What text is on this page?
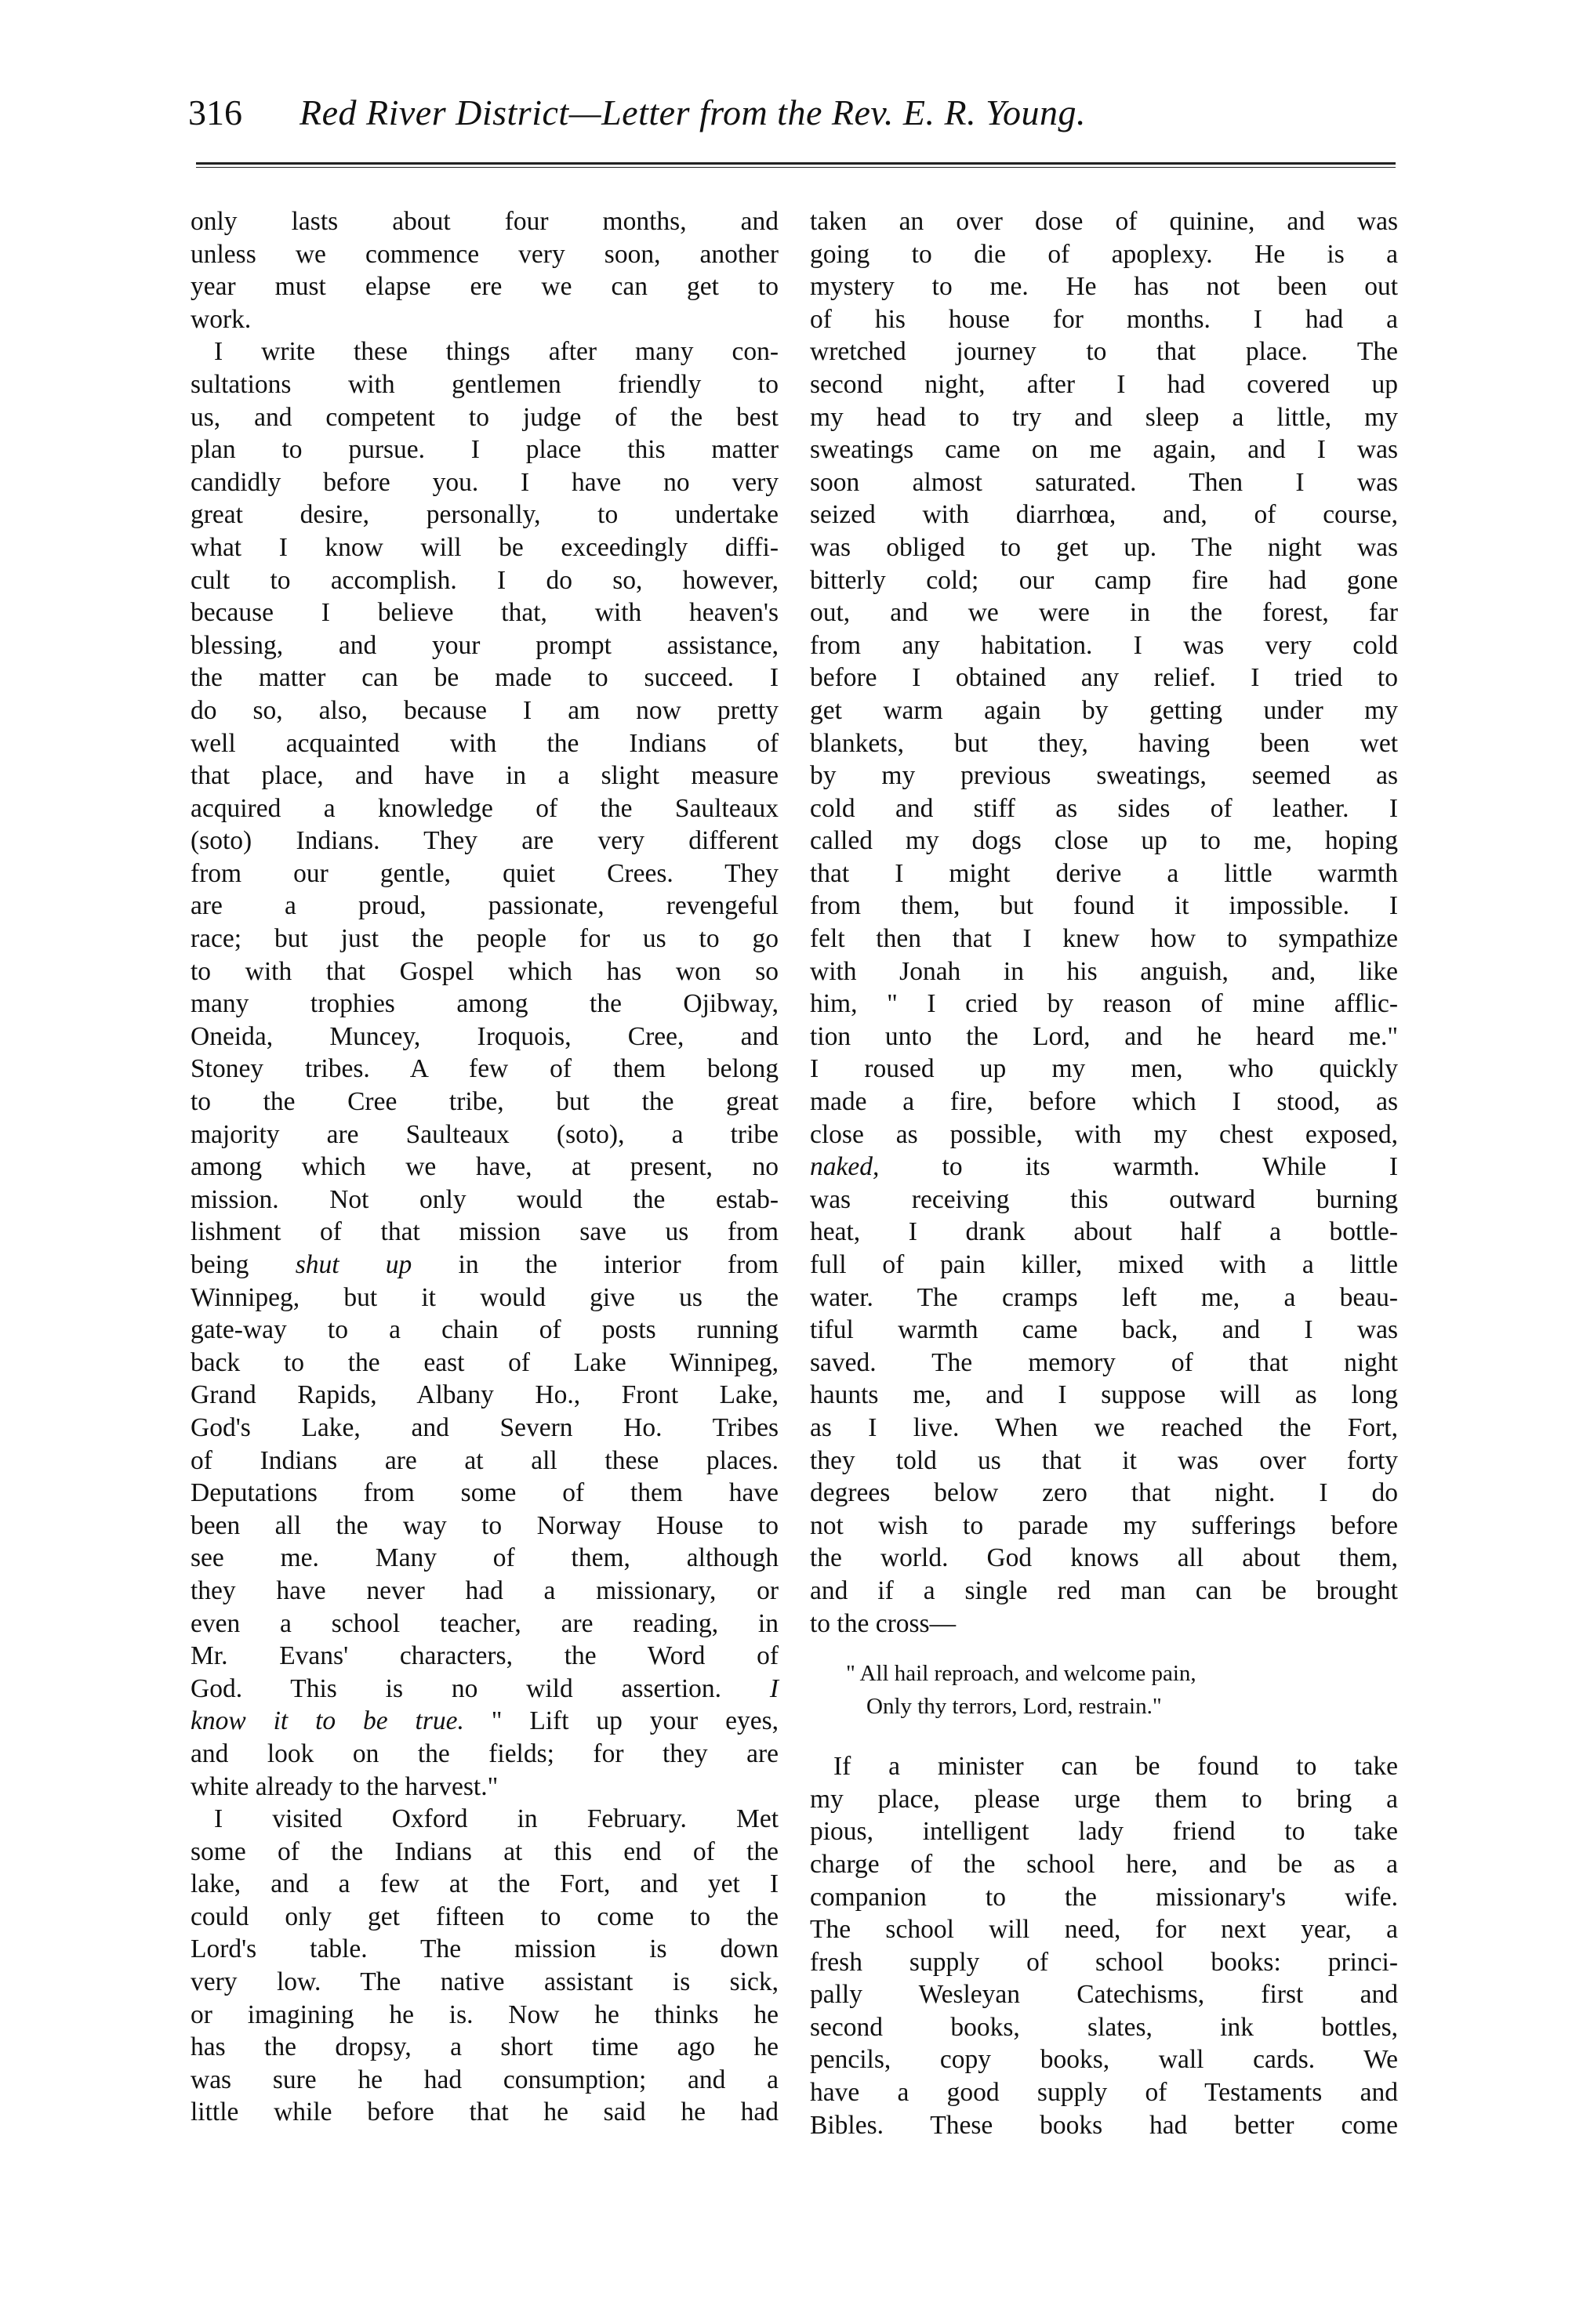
316 Red River District—Letter from the Rev. E. R. Young.
only lasts about four months, and
unless we commence very soon, another
year must elapse ere we can get to
work.
I write these things after many con-
sultations with gentlemen friendly to
us, and competent to judge of the best
plan to pursue. I place this matter
candidly before you. I have no very
great desire, personally, to undertake
what I know will be exceedingly diffi-
cult to accomplish. I do so, however,
because I believe that, with heaven's
blessing, and your prompt assistance,
the matter can be made to succeed. I
do so, also, because I am now pretty
well acquainted with the Indians of
that place, and have in a slight measure
acquired a knowledge of the Saulteaux
(soto) Indians. They are very different
from our gentle, quiet Crees. They
are a proud, passionate, revengeful
race; but just the people for us to go
to with that Gospel which has won so
many trophies among the Ojibway,
Oneida, Muncey, Iroquois, Cree, and
Stoney tribes. A few of them belong
to the Cree tribe, but the great
majority are Saulteaux (soto), a tribe
among which we have, at present, no
mission. Not only would the estab-
lishment of that mission save us from
being shut up in the interior from
Winnipeg, but it would give us the
gate-way to a chain of posts running
back to the east of Lake Winnipeg,
Grand Rapids, Albany Ho., Front Lake,
God's Lake, and Severn Ho. Tribes
of Indians are at all these places.
Deputations from some of them have
been all the way to Norway House to
see me. Many of them, although
they have never had a missionary, or
even a school teacher, are reading, in
Mr. Evans' characters, the Word of
God. This is no wild assertion. I
know it to be true. " Lift up your eyes,
and look on the fields; for they are
white already to the harvest."
I visited Oxford in February. Met
some of the Indians at this end of the
lake, and a few at the Fort, and yet I
could only get fifteen to come to the
Lord's table. The mission is down
very low. The native assistant is sick,
or imagining he is. Now he thinks he
has the dropsy, a short time ago he
was sure he had consumption; and a
little while before that he said he had
taken an over dose of quinine, and was
going to die of apoplexy. He is a
mystery to me. He has not been out
of his house for months. I had a
wretched journey to that place. The
second night, after I had covered up
my head to try and sleep a little, my
sweatings came on me again, and I was
soon almost saturated. Then I was
seized with diarrhœa, and, of course,
was obliged to get up. The night was
bitterly cold; our camp fire had gone
out, and we were in the forest, far
from any habitation. I was very cold
before I obtained any relief. I tried to
get warm again by getting under my
blankets, but they, having been wet
by my previous sweatings, seemed as
cold and stiff as sides of leather. I
called my dogs close up to me, hoping
that I might derive a little warmth
from them, but found it impossible. I
felt then that I knew how to sympathize
with Jonah in his anguish, and, like
him, " I cried by reason of mine afflic-
tion unto the Lord, and he heard me."
I roused up my men, who quickly
made a fire, before which I stood, as
close as possible, with my chest exposed,
naked, to its warmth. While I
was receiving this outward burning
heat, I drank about half a bottle-
full of pain killer, mixed with a little
water. The cramps left me, a beau-
tiful warmth came back, and I was
saved. The memory of that night
haunts me, and I suppose will as long
as I live. When we reached the Fort,
they told us that it was over forty
degrees below zero that night. I do
not wish to parade my sufferings before
the world. God knows all about them,
and if a single red man can be brought
to the cross—
" All hail reproach, and welcome pain,
Only thy terrors, Lord, restrain."
If a minister can be found to take
my place, please urge them to bring a
pious, intelligent lady friend to take
charge of the school here, and be as a
companion to the missionary's wife.
The school will need, for next year, a
fresh supply of school books: princi-
pally Wesleyan Catechisms, first and
second books, slates, ink bottles,
pencils, copy books, wall cards. We
have a good supply of Testaments and
Bibles. These books had better come
